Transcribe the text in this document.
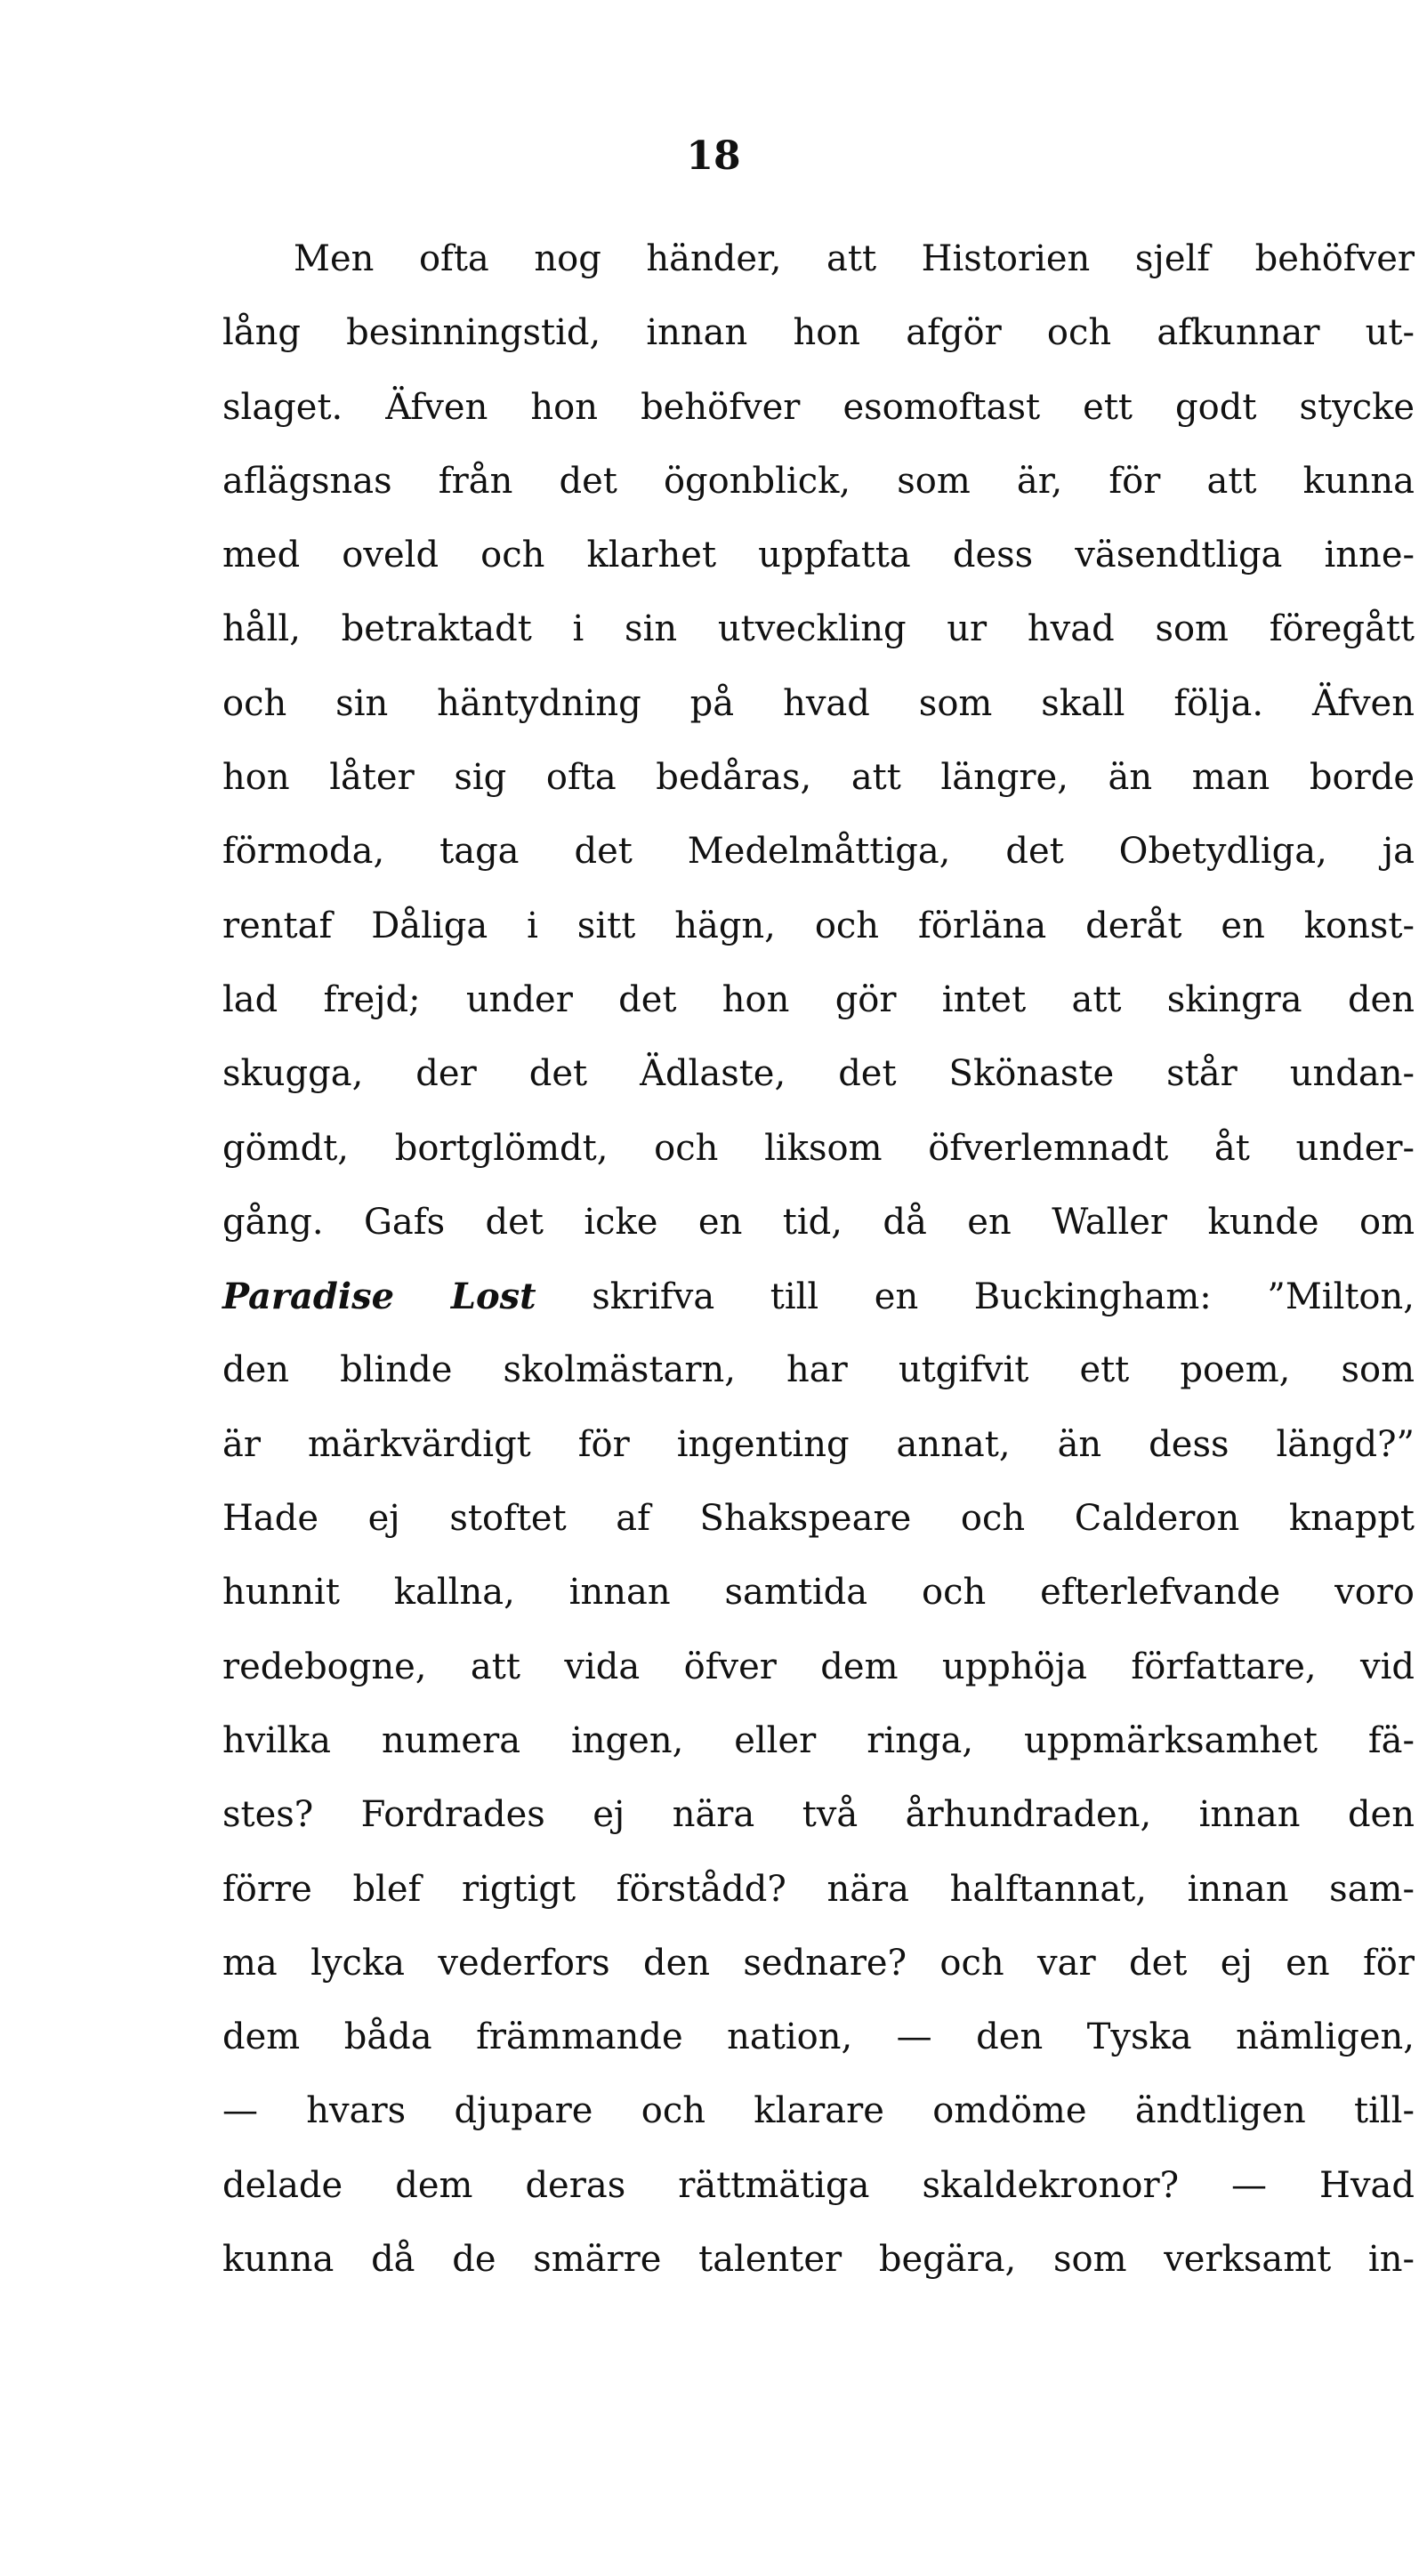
18
Men ofta nog händer, att Historien sjelf behöfver
lång besinningstid, innan hon afgör och afkunnar ut-
slaget. Äfven hon behöfver esomoftast ett godt stycke
aflägsnas från det ögonblick, som är, för att kunna
med oveld och klarhet uppfatta dess väsendtliga inne-
håll, betraktadt i sin utveckling ur hvad som föregått
och sin häntydning på hvad som skall följa. Äfven
hon låter sig ofta bedåras, att längre, än man borde
förmoda, taga det Medelmåttiga, det Obetydliga, ja
rentaf Dåliga i sitt hägn, och förläna deråt en konst-
lad frejd; under det hon gör intet att skingra den
skugga, der det Ädlaste, det Skönaste står undan-
gömdt, bortglömdt, och liksom öfverlemnadt åt under-
gång. Gafs det icke en tid, då en Waller kunde om
Paradise Lost skrifva till en Buckingham: ”Milton,
den blinde skolmästarn, har utgifvit ett poem, som
är märkvärdigt för ingenting annat, än dess längd?”
Hade ej stoftet af Shakspeare och Calderon knappt
hunnit kallna, innan samtida och efterlefvande voro
redebogne, att vida öfver dem upphöja författare, vid
hvilka numera ingen, eller ringa, uppmärksamhet fä-
stes? Fordrades ej nära två århundraden, innan den
förre blef rigtigt förstådd? nära halftannat, innan sam-
ma lycka vederfors den sednare? och var det ej en för
dem båda främmande nation, — den Tyska nämligen,
— hvars djupare och klarare omdöme ändtligen till-
delade dem deras rättmätiga skaldekronor? — Hvad
kunna då de smärre talenter begära, som verksamt in-
